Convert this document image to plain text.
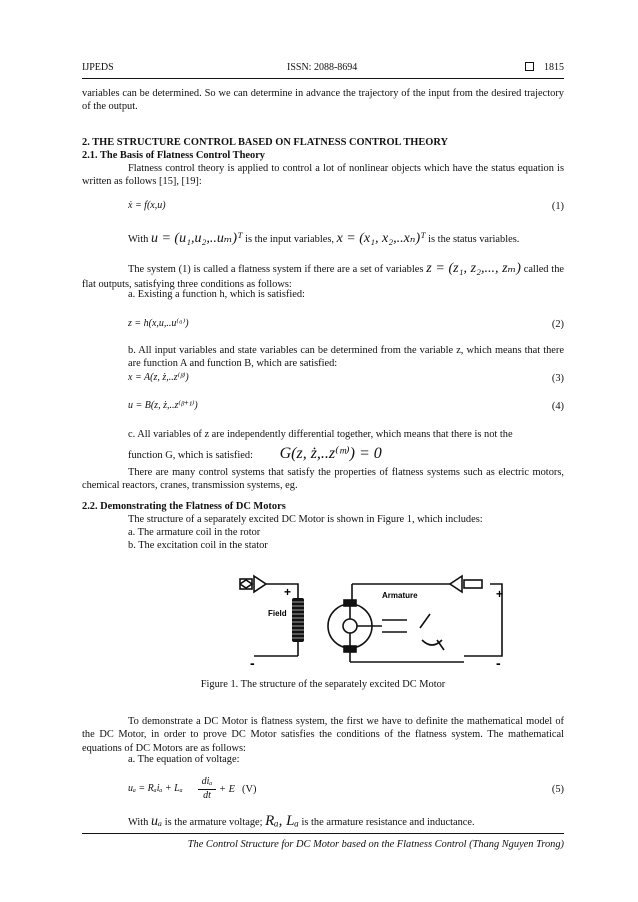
IJPEDS	ISSN: 2088-8694	1815

variables can be determined. So we can determine in advance the trajectory of the input from the desired trajectory of the output.

2. THE STRUCTURE CONTROL BASED ON FLATNESS CONTROL THEORY
2.1. The Basis of Flatness Control Theory

Flatness control theory is applied to control a lot of nonlinear objects which have the status equation is written as follows [15], [19]:

ẋ = f(x,u)	(1)
With u = (u₁,u₂,..uₘ)ᵀ is the input variables, x = (x₁, x₂,..xₙ)ᵀ is the status variables.

The system (1) is called a flatness system if there are a set of variables z = (z₁, z₂,..., zₘ) called the flat outputs, satisfying three conditions as follows:

a. Existing a function h, which is satisfied:
z = h(x,u,..u⁽ᵅ⁾)	(2)

b. All input variables and state variables can be determined from the variable z, which means that there are function A and function B, which are satisfied:

x = A(z, ż,..z⁽ᵝ⁾)	(3)
u = B(z, ż,..z⁽ᵝ⁺¹⁾)	(4)
c. All variables of z are independently differential together, which means that there is not the
function G, which is satisfied: G(z, ż,..z⁽ᵐ⁾) = 0

There are many control systems that satisfy the properties of flatness systems such as electric motors, chemical reactors, cranes, transmission systems, eg.

2.2. Demonstrating the Flatness of DC Motors
The structure of a separately excited DC Motor is shown in Figure 1, which includes:
a. The armature coil in the rotor
b. The excitation coil in the stator
Field
Armature
+	+
-	-
Figure 1. The structure of the separately excited DC Motor

To demonstrate a DC Motor is flatness system, the first we have to definite the mathematical model of the DC Motor, in order to prove DC Motor satisfies the conditions of the flatness system. The mathematical equations of DC Motors are as follows:

a. The equation of voltage:
uₐ = Rₐiₐ + Lₐ
diₐ
dt
+ E (V)	(5)
With uₐ is the armature voltage; Rₐ, Lₐ is the armature resistance and inductance.
The Control Structure for DC Motor based on the Flatness Control (Thang Nguyen Trong)
